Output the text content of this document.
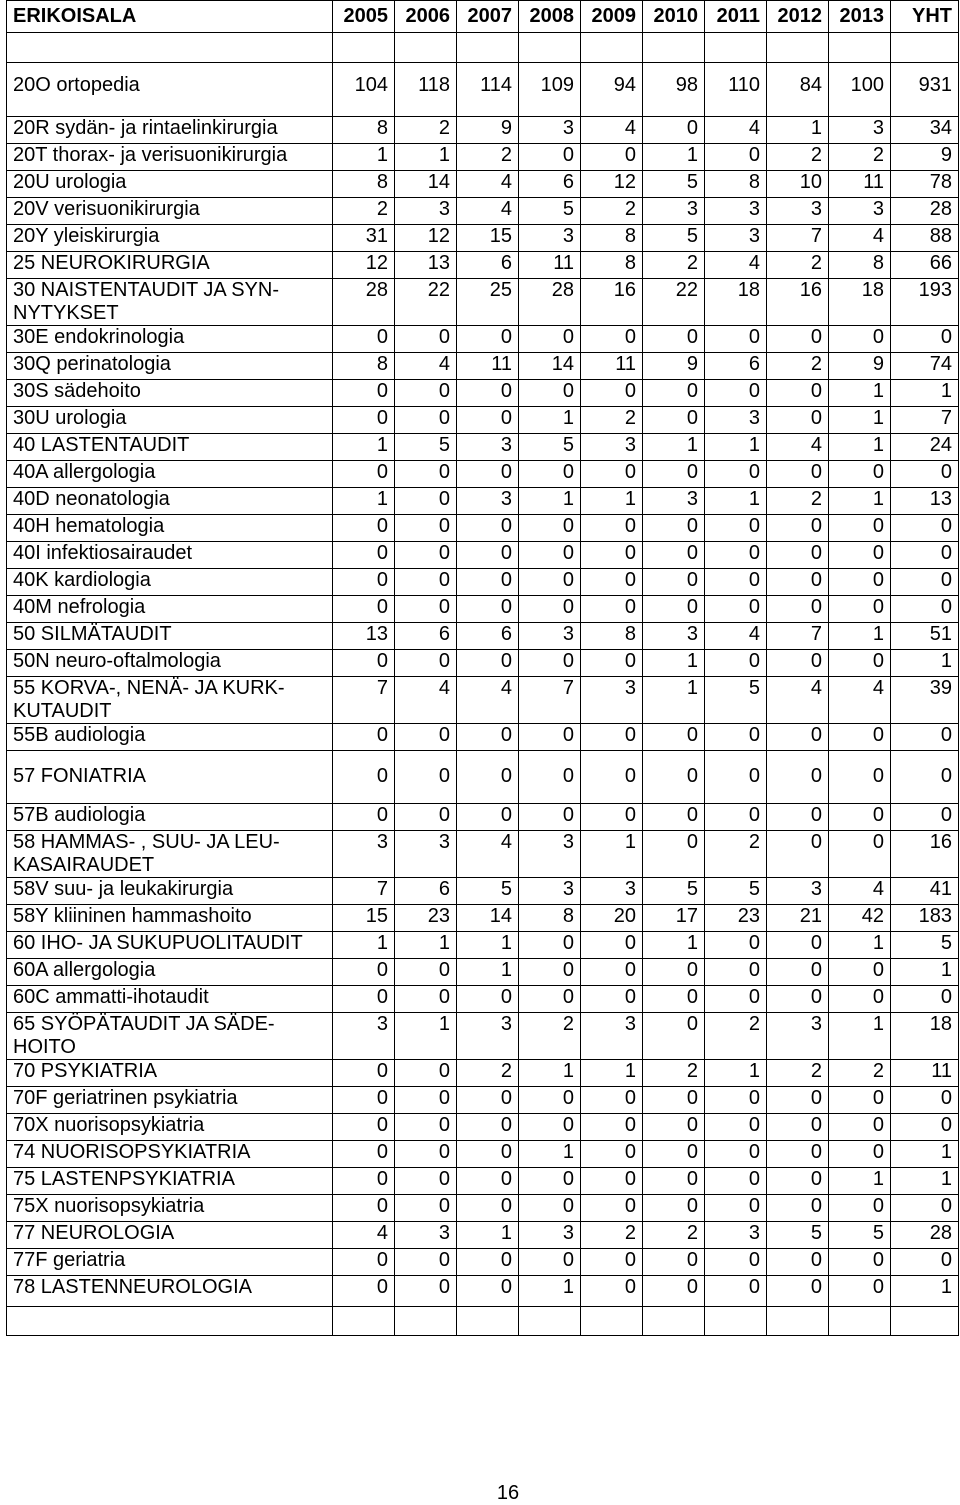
ERIKOISALA	2005	2006	2007	2008	2009	2010	2011	2012	2013	YHT

20O ortopedia	104	118	114	109	94	98	110	84	100	931
20R sydän- ja rintaelinkirurgia	8	2	9	3	4	0	4	1	3	34
20T thorax- ja verisuonikirurgia	1	1	2	0	0	1	0	2	2	9
20U urologia	8	14	4	6	12	5	8	10	11	78
20V verisuonikirurgia	2	3	4	5	2	3	3	3	3	28
20Y yleiskirurgia	31	12	15	3	8	5	3	7	4	88
25 NEUROKIRURGIA	12	13	6	11	8	2	4	2	8	66
30 NAISTENTAUDIT JA SYN-NYTYKSET	28	22	25	28	16	22	18	16	18	193
30E endokrinologia	0	0	0	0	0	0	0	0	0	0
30Q perinatologia	8	4	11	14	11	9	6	2	9	74
30S sädehoito	0	0	0	0	0	0	0	0	1	1
30U urologia	0	0	0	1	2	0	3	0	1	7
40 LASTENTAUDIT	1	5	3	5	3	1	1	4	1	24
40A allergologia	0	0	0	0	0	0	0	0	0	0
40D neonatologia	1	0	3	1	1	3	1	2	1	13
40H hematologia	0	0	0	0	0	0	0	0	0	0
40I infektiosairaudet	0	0	0	0	0	0	0	0	0	0
40K kardiologia	0	0	0	0	0	0	0	0	0	0
40M nefrologia	0	0	0	0	0	0	0	0	0	0
50 SILMÄTAUDIT	13	6	6	3	8	3	4	7	1	51
50N neuro-oftalmologia	0	0	0	0	0	1	0	0	0	1
55 KORVA-, NENÄ- JA KURK-KUTAUDIT	7	4	4	7	3	1	5	4	4	39
55B audiologia	0	0	0	0	0	0	0	0	0	0
57 FONIATRIA	0	0	0	0	0	0	0	0	0	0
57B audiologia	0	0	0	0	0	0	0	0	0	0
58 HAMMAS- , SUU- JA LEU-KASAIRAUDET	3	3	4	3	1	0	2	0	0	16
58V suu- ja leukakirurgia	7	6	5	3	3	5	5	3	4	41
58Y kliininen hammashoito	15	23	14	8	20	17	23	21	42	183
60 IHO- JA SUKUPUOLITAUDIT	1	1	1	0	0	1	0	0	1	5
60A allergologia	0	0	1	0	0	0	0	0	0	1
60C ammatti-ihotaudit	0	0	0	0	0	0	0	0	0	0
65 SYÖPÄTAUDIT JA SÄDE-HOITO	3	1	3	2	3	0	2	3	1	18
70 PSYKIATRIA	0	0	2	1	1	2	1	2	2	11
70F geriatrinen psykiatria	0	0	0	0	0	0	0	0	0	0
70X nuorisopsykiatria	0	0	0	0	0	0	0	0	0	0
74 NUORISOPSYKIATRIA	0	0	0	1	0	0	0	0	0	1
75 LASTENPSYKIATRIA	0	0	0	0	0	0	0	0	1	1
75X nuorisopsykiatria	0	0	0	0	0	0	0	0	0	0
77 NEUROLOGIA	4	3	1	3	2	2	3	5	5	28
77F geriatria	0	0	0	0	0	0	0	0	0	0
78 LASTENNEUROLOGIA	0	0	0	1	0	0	0	0	0	1

16
